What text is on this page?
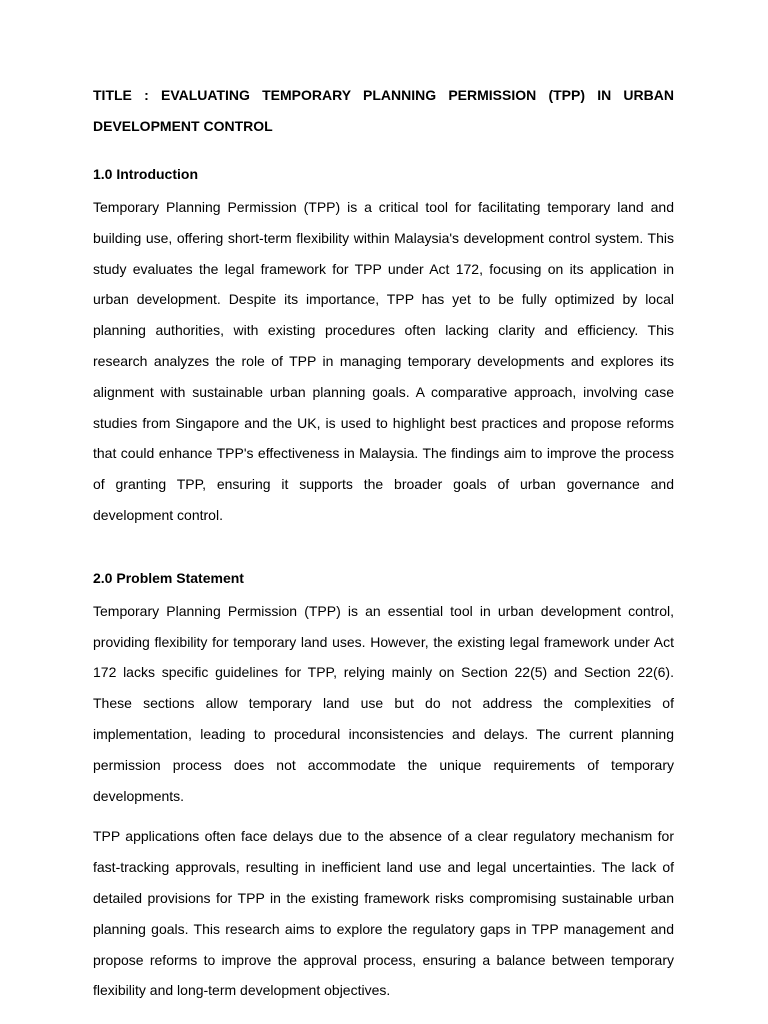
TITLE : EVALUATING TEMPORARY PLANNING PERMISSION (TPP) IN URBAN DEVELOPMENT CONTROL

1.0 Introduction

Temporary Planning Permission (TPP) is a critical tool for facilitating temporary land and building use, offering short-term flexibility within Malaysia's development control system. This study evaluates the legal framework for TPP under Act 172, focusing on its application in urban development. Despite its importance, TPP has yet to be fully optimized by local planning authorities, with existing procedures often lacking clarity and efficiency. This research analyzes the role of TPP in managing temporary developments and explores its alignment with sustainable urban planning goals. A comparative approach, involving case studies from Singapore and the UK, is used to highlight best practices and propose reforms that could enhance TPP's effectiveness in Malaysia. The findings aim to improve the process of granting TPP, ensuring it supports the broader goals of urban governance and development control.

2.0 Problem Statement

Temporary Planning Permission (TPP) is an essential tool in urban development control, providing flexibility for temporary land uses. However, the existing legal framework under Act 172 lacks specific guidelines for TPP, relying mainly on Section 22(5) and Section 22(6). These sections allow temporary land use but do not address the complexities of implementation, leading to procedural inconsistencies and delays. The current planning permission process does not accommodate the unique requirements of temporary developments.

TPP applications often face delays due to the absence of a clear regulatory mechanism for fast-tracking approvals, resulting in inefficient land use and legal uncertainties. The lack of detailed provisions for TPP in the existing framework risks compromising sustainable urban planning goals. This research aims to explore the regulatory gaps in TPP management and propose reforms to improve the approval process, ensuring a balance between temporary flexibility and long-term development objectives.
